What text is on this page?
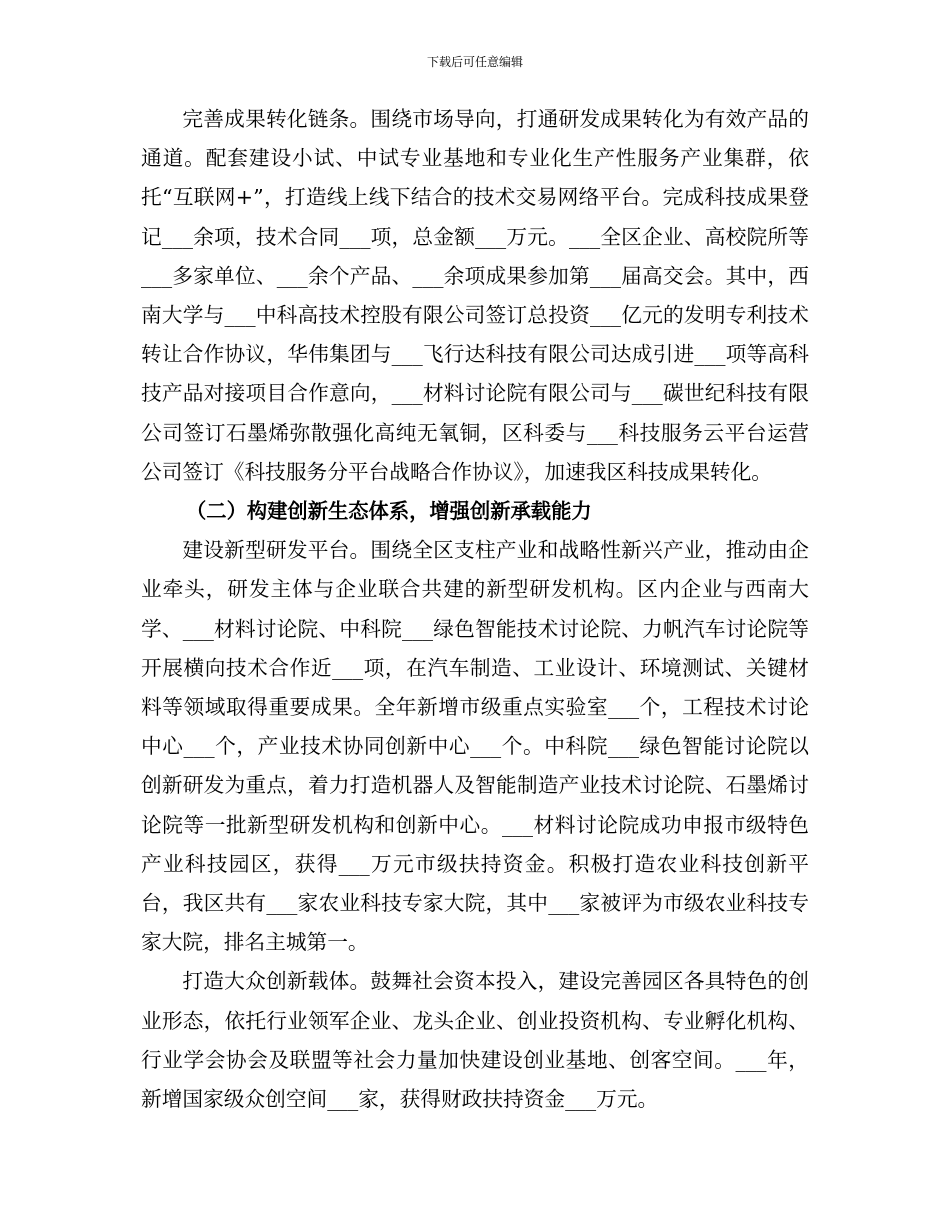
下载后可任意编辑

完善成果转化链条。围绕市场导向，打通研发成果转化为有效产品的通道。配套建设小试、中试专业基地和专业化生产性服务产业集群，依托“互联网+”，打造线上线下结合的技术交易网络平台。完成科技成果登记___余项，技术合同___项，总金额___万元。___全区企业、高校院所等___多家单位、___余个产品、___余项成果参加第___届高交会。其中，西南大学与___中科高技术控股有限公司签订总投资___亿元的发明专利技术转让合作协议，华伟集团与___飞行达科技有限公司达成引进___项等高科技产品对接项目合作意向，___材料讨论院有限公司与___碳世纪科技有限公司签订石墨烯弥散强化高纯无氧铜，区科委与___科技服务云平台运营公司签订《科技服务分平台战略合作协议》，加速我区科技成果转化。

（二）构建创新生态体系，增强创新承载能力

建设新型研发平台。围绕全区支柱产业和战略性新兴产业，推动由企业牵头，研发主体与企业联合共建的新型研发机构。区内企业与西南大学、___材料讨论院、中科院___绿色智能技术讨论院、力帆汽车讨论院等开展横向技术合作近___项，在汽车制造、工业设计、环境测试、关键材料等领域取得重要成果。全年新增市级重点实验室___个，工程技术讨论中心___个，产业技术协同创新中心___个。中科院___绿色智能讨论院以创新研发为重点，着力打造机器人及智能制造产业技术讨论院、石墨烯讨论院等一批新型研发机构和创新中心。___材料讨论院成功申报市级特色产业科技园区，获得___万元市级扶持资金。积极打造农业科技创新平台，我区共有___家农业科技专家大院，其中___家被评为市级农业科技专家大院，排名主城第一。

打造大众创新载体。鼓舞社会资本投入，建设完善园区各具特色的创业形态，依托行业领军企业、龙头企业、创业投资机构、专业孵化机构、行业学会协会及联盟等社会力量加快建设创业基地、创客空间。___年，新增国家级众创空间___家，获得财政扶持资金___万元。
